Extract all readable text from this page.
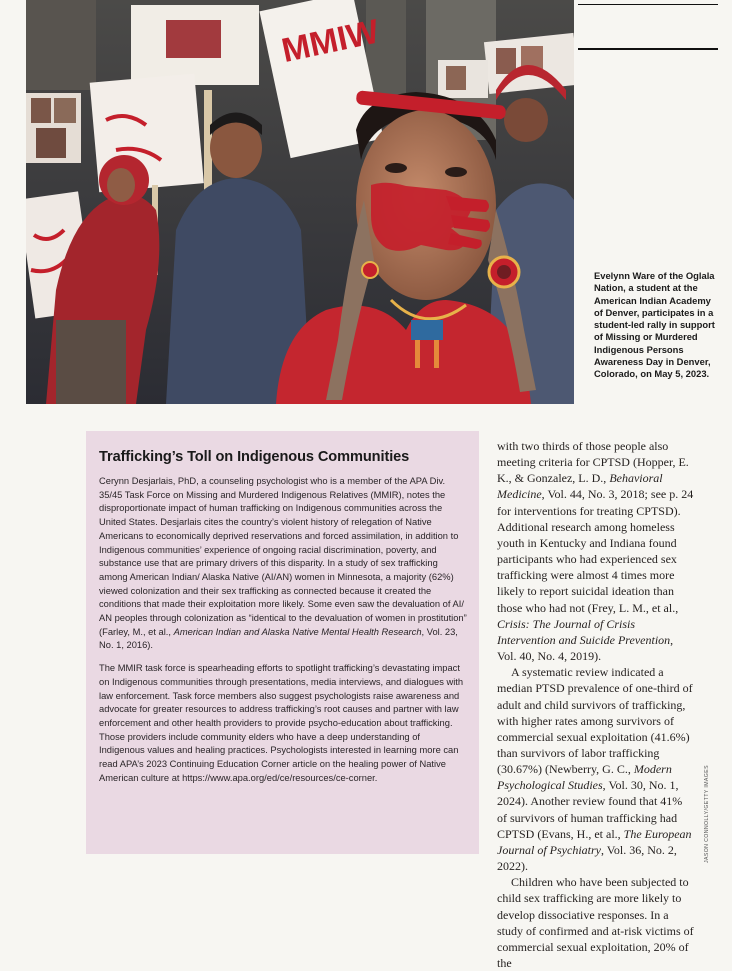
MMIW
Evelynn Ware of the Oglala Nation, a student at the American Indian Academy of Denver, participates in a student-led rally in support of Missing or Murdered Indigenous Persons Awareness Day in Denver, Colorado, on May 5, 2023.
Trafficking’s Toll on Indigenous Communities

Cerynn Desjarlais, PhD, a counseling psychologist who is a member of the APA Div. 35/45 Task Force on Missing and Murdered Indigenous Relatives (MMIR), notes the disproportionate impact of human trafficking on Indigenous communities across the United States. Desjarlais cites the country’s violent history of relegation of Native Americans to economically deprived reservations and forced assimilation, in addition to Indigenous communities’ experience of ongoing racial discrimination, poverty, and substance use that are primary drivers of this disparity. In a study of sex trafficking among American Indian/ Alaska Native (AI/AN) women in Minnesota, a majority (62%) viewed colonization and their sex trafficking as connected because it created the conditions that made their exploitation more likely. Some even saw the devaluation of AI/ AN peoples through colonization as “identical to the devaluation of women in prostitution” (Farley, M., et al., American Indian and Alaska Native Mental Health Research, Vol. 23, No. 1, 2016).

The MMIR task force is spearheading efforts to spotlight trafficking’s devastating impact on Indigenous communities through presentations, media interviews, and dialogues with law enforcement. Task force members also suggest psychologists raise awareness and advocate for greater resources to address trafficking’s root causes and partner with law enforcement and other health providers to provide psycho-education about trafficking. Those providers include community elders who have a deep understanding of Indigenous values and healing practices. Psychologists interested in learning more can read APA’s 2023 Continuing Education Corner article on the healing power of Native American culture at https://www.apa.org/ed/ce/resources/ce-corner.

with two thirds of those people also meeting criteria for CPTSD (Hopper, E. K., & Gonzalez, L. D., Behavioral Medicine, Vol. 44, No. 3, 2018; see p. 24 for interventions for treating CPTSD). Additional research among homeless youth in Kentucky and Indiana found participants who had experienced sex trafficking were almost 4 times more likely to report suicidal ideation than those who had not (Frey, L. M., et al., Crisis: The Journal of Crisis Intervention and Suicide Prevention, Vol. 40, No. 4, 2019).

A systematic review indicated a median PTSD prevalence of one-third of adult and child survivors of trafficking, with higher rates among survivors of commercial sexual exploitation (41.6%) than survivors of labor trafficking (30.67%) (Newberry, G. C., Modern Psychological Studies, Vol. 30, No. 1, 2024). Another review found that 41% of survivors of human trafficking had CPTSD (Evans, H., et al., The European Journal of Psychiatry, Vol. 36, No. 2, 2022).

Children who have been subjected to child sex trafficking are more likely to develop dissociative responses. In a study of confirmed and at-risk victims of commercial sexual exploitation, 20% of the

JASON CONNOLLY/GETTY IMAGES
